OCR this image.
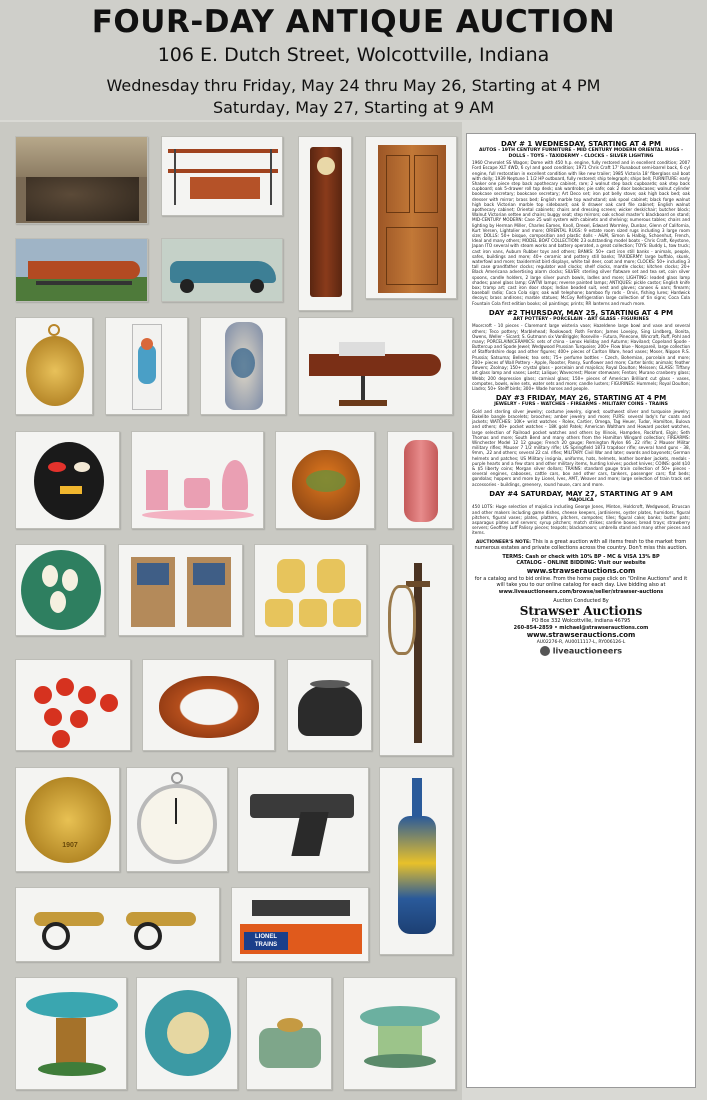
FOUR-DAY ANTIQUE AUCTION
106 E. Dutch Street, Wolcottville, Indiana
Wednesday thru Friday, May 24 thru May 26, Starting at 4 PM
Saturday, May 27, Starting at 9 AM
1907
LIONEL TRAINS
DAY # 1 WEDNESDAY, STARTING AT 4 PM
AUTOS - 19TH CENTURY FURNITURE - MID CENTURY MODERN ORIENTAL RUGS - DOLLS - TOYS - TAXIDERMY - CLOCKS - SILVER LIGHTING
1960 Chevrolet SS Wagon; Dome with 450 h.p. engine, fully restored and in excellent condition; 2007 Ford Escape XLT 4WD, 6 cyl and good condition; 1971 Chris Craft 17' Runabout semi-barrel back, 6 cyl engine, full restoration in excellent condition with like new trailer; 1985 Victoria 18' fiberglass sail boat with dolly; 1939 Neptune 1 1/2 HP outboard, fully restored; ship telegraph; ships bell; FURNITURE: early Shaker one piece step back apothecary cabinet, rare; 2 walnut step back cupboards; oak step back cupboard; oak 5-drawer roll top desk; oak wardrobe; pie safe; oak 2 door bookcases; walnut cylinder bookcase secretary; bookcase secretary; Art Deco set; iron pot belly stove; oak high back bed; oak dresser with mirror; brass bed; English marble top washstand; oak spool cabinet; black forge walnut high back Victorian marble top sideboard; oak 8 drawer oak card file cabinet; English walnut apothecary cabinet; Oriental cabinets; chairs and dressing screen; wicker desk/chair; butcher block; Walnut Victorian settee and chairs; buggy seat; step mirrors; oak school master's blackboard on stand; MID-CENTURY MODERN: Case 25 wall system with cabinets and shelving; numerous tables; chairs and lighting by Herman Miller, Charles Eames, Knoll, Drexel, Edward Wormley, Dunbar, Glenn of California, Kurt Versen, Lightolier and more; ORIENTAL RUGS: 9 estate room sized rugs including 3 large room size; DOLLS: 50+ bisque, composition and plastic dolls - A&M, Simon & Halbig, Schoenhut, French, Ideal and many others; MODEL BOAT COLLECTION: 23 outstanding model boats - Chris Craft, Keystone, Japan ITO several with steam works and battery operated, a great collection; TOYS: Buddy L, tow truck; cast iron vans, Auburn Rubber toys and others; BANKS: 50+ cast iron still banks - animals, people, safes, buildings and more; 40+ ceramic and pottery still banks; TAXIDERMY: large buffalo, skunk, waterfowl and more; taxidermist bird displays, white tail deer, coat and more; CLOCKS: 50+ including 3 tall case grandfather clocks; regulator wall clocks; shelf clocks, mantle clocks; kitchen clocks; 20+ Black Americana advertising alarm clocks; SILVER: sterling silver flatware set and tea set, coin silver spoons, candle holders, 2 large silver punch bowls, ladles and more; LIGHTING: leaded glass lamp shades; panel glass lamp; GWTW lamps; reverse painted lamps; ANTIQUES: pickle castor; English knife box; tramp art; cast iron door stops; Indian beaded suit, vest and gloves; canoes & oars; firearm; baseball radio; Coca Cola sign; oak wall telephone; bamboo fly rods - Orvis, fishing lures; Hardwick decoys; brass andirons; marble statues; McCoy Refrigeration large collection of tin signs; Coca Cola Fountain Cola first edition books; oil paintings; prints; RR lanterns and much more.
DAY #2 THURSDAY, MAY 25, STARTING AT 4 PM
ART POTTERY - PORCELAIN - ART GLASS - FIGURINES
Moorcroft - 10 pieces - Claremont large wisteria vase; Hazeldene large bowl and vase and several others; Teco pottery; Marblehead; Rookwood; Roth Fenton; James Lovejoy, Sing Lindberg, Bonita, Owens, Weller - Sicard; S. Gutmann six VanBriggle; Roseville - Futura, Pinecone, Wincraft, Ruff, Pohl and many; PORCELAIN/CERAMICS: sets of china - Lenox Holiday and Autumn; Haviland; Copeland Spode - Buttercup and Spode Jewel; Wedgwood Prussian Turquoise; 200+ Flow blue - Nonpareil, large collection of Staffordshire dogs and other figures; 400+ pieces of Carlton Ware, head vases; Moser, Nippon R.S. Prussia; Satsuma; Belleek; tea sets; 75+ perfume bottles - Czech, Bohemian, porcelain and more; 200+ pieces of Wall Pottery - Apple, Rooster, Pansy, Sunflower and more; Carter birds; animals; feather flowers; Zsolnay; 150+ crystal glass - porcelain and majolica; Royal Doulton; Meissen; GLASS: Tiffany art glass lamp and vases; Loetz; Lalique; Wavecrest; Moser stemware; Fenton; Murano cranberry glass; Webb; 200 depression glass; carnival glass; 150+ pieces of American Brilliant cut glass - vases, compotes, bowls, wine sets, water sets and more; candle lusters; FIGURINES: Hummels; Royal Doulton; Lladro; 50+ Steiff birds; 300+ Wade horses and people.
DAY #3 FRIDAY, MAY 26, STARTING AT 4 PM
JEWELRY - FURS - WATCHES - FIREARMS - MILITARY COINS - TRAINS
Gold and sterling silver jewelry; costume jewelry, signed; southwest silver and turquoise jewelry; Bakelite bangle bracelets; brooches; amber jewelry and more; FURS: several lady's fur coats and jackets; WATCHES: 10K+ wrist watches - Rolex, Cartier, Omega, Tag Heuer, Tudor, Hamilton, Bulova and others; 40+ pocket watches - 18K gold Patek; American Waltham and Howard pocket watches, large selection of Railroad pocket watches and others by Illinois, Hampden, Rockford, Elgin; Seth Thomas and more; South Bend and many others from the Hamilton Wingard collection; FIREARMS: Winchester Model 12 12 gauge; French 20 gauge; Remington Nylon 66 .22 rifle; 2 Mauser Militar military rifles; Mauser 7 1/2 military rifle; US Springfield 1873 trapdoor rifle; several hand guns - 38, 9mm, .22 and others; several 22 cal. rifles; MILITARY: Civil War and later; swords and bayonets; German helmets and patches; US Military insignia, uniforms, hats, helmets, leather bomber jackets, medals - purple hearts and a few stars and other military items, hunting knives; pocket knives; COINS: gold $10 & $5 liberty coins; Morgan silver dollars; TRAINS: standard gauge train collection of 50+ pieces - several engines, cabooses, cattle cars, box and other cars, tankers, passenger cars; flat beds; gondolas; hoppers and more by Lionel, Ives, AMT, Weaver and more; large selection of train track set accessories - buildings, greenery, round house, cars and more.
DAY #4 SATURDAY, MAY 27, STARTING AT 9 AM
MAJOLICA
450 LOTS: Huge selection of majolica including George Jones, Minton, Holdcroft, Wedgwood, Etruscan and other makers including game dishes, cheese keepers, jardinieres, oyster plates, humidors, figural pitchers, figural vases; plates, platters, pitchers, compotes; tiles; figural cake; banks; butter pats; asparagus plates and servers; syrup pitchers; match strikes; sardine boxes; bread trays; strawberry servers; Geoffrey Luff Palissy pieces; teapots; blackamoors; umbrella stand and many other pieces and items.
AUCTIONEER'S NOTE: This is a great auction with all items fresh to the market from numerous estates and private collections across the country. Don't miss this auction.
TERMS: Cash or check with 10% BP - MC & VISA 13% BP
CATALOG - ONLINE BIDDING: Visit our website
www.strawserauctions.com
for a catalog and to bid online. From the home page click on "Online Auctions" and it will take you to our online catalog for each day. Live bidding also at
www.liveauctioneers.com/browse/seller/strawser-auctions
Auction Conducted By
Strawser Auctions
PO Box 332 Wolcottville, Indiana 46795
260-854-2859 • michael@strawserauctions.com
www.strawserauctions.com
AU02276-R, AU0011117-L, RY006126-L
liveauctioneers
